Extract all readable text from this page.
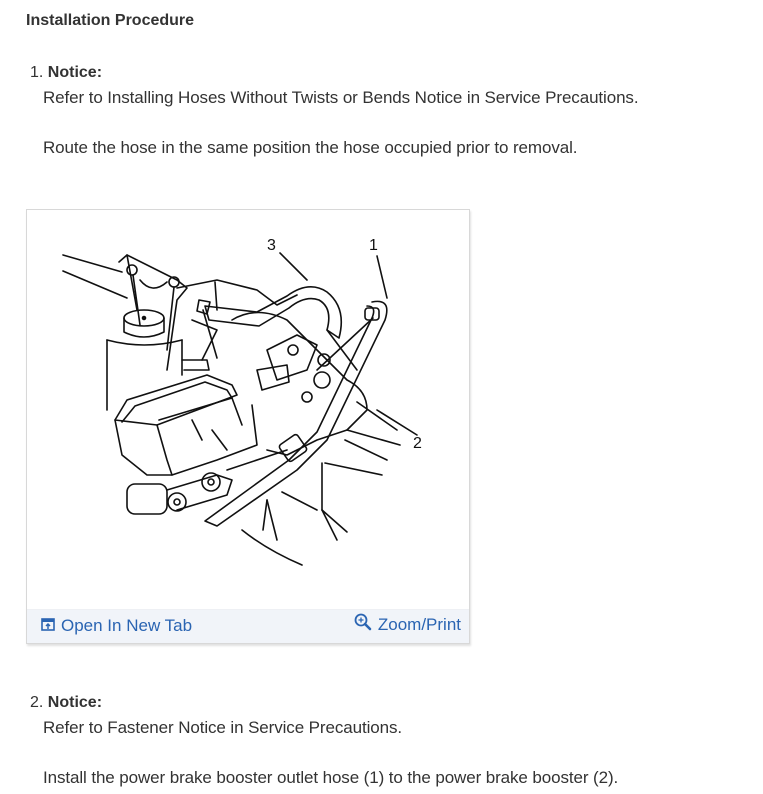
Installation Procedure
1. Notice:
Refer to Installing Hoses Without Twists or Bends Notice in Service Precautions.
Route the hose in the same position the hose occupied prior to removal.
3	1
2
Open In New Tab	Zoom/Print
2. Notice:
Refer to Fastener Notice in Service Precautions.
Install the power brake booster outlet hose (1) to the power brake booster (2).
